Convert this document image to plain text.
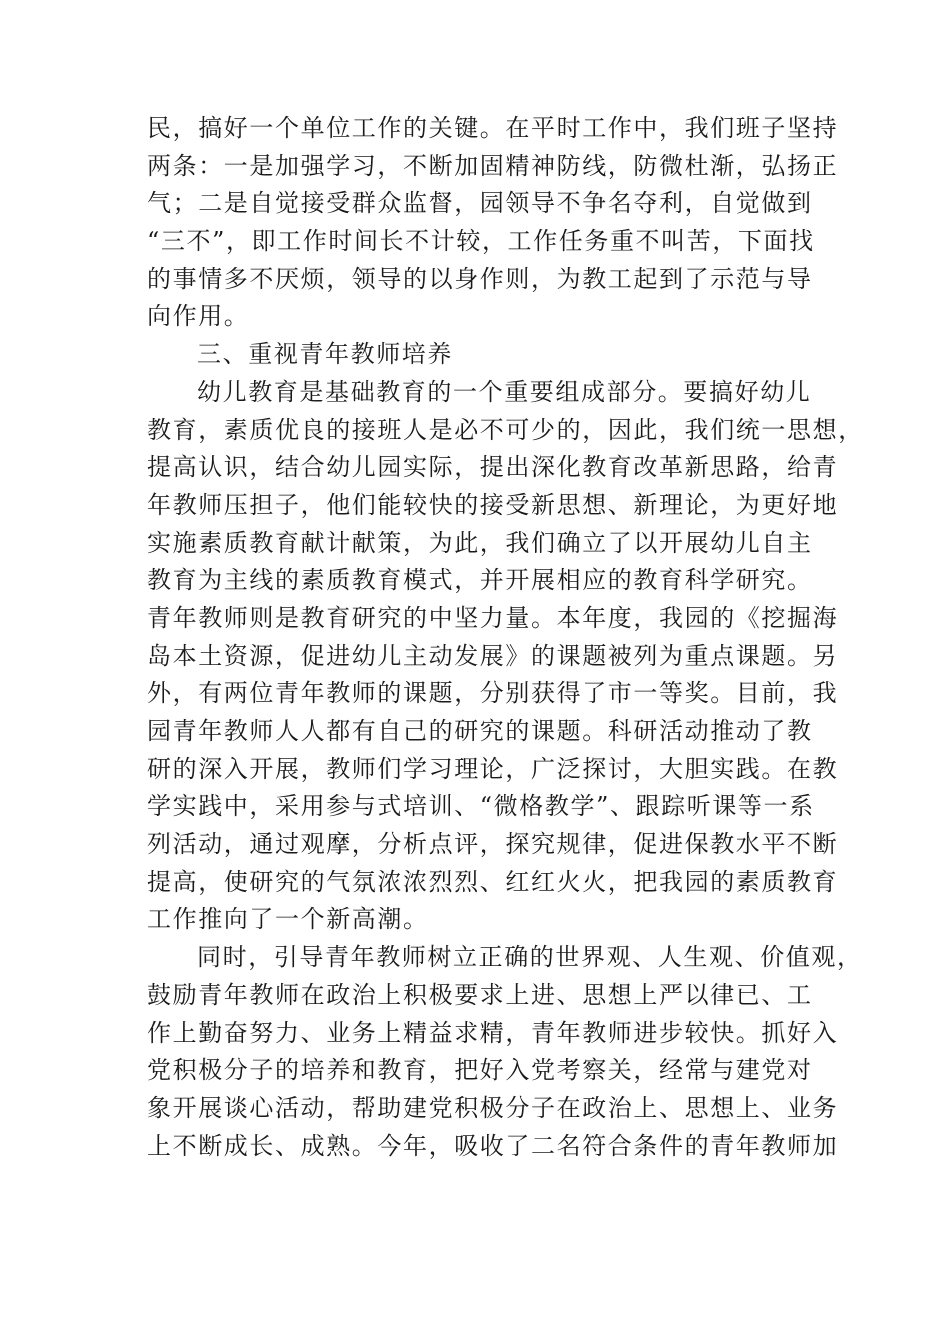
民，搞好一个单位工作的关键。在平时工作中，我们班子坚持
两条：一是加强学习，不断加固精神防线，防微杜渐，弘扬正
气；二是自觉接受群众监督，园领导不争名夺利，自觉做到
“三不”，即工作时间长不计较，工作任务重不叫苦，下面找
的事情多不厌烦，领导的以身作则，为教工起到了示范与导
向作用。
三、重视青年教师培养
幼儿教育是基础教育的一个重要组成部分。要搞好幼儿
教育，素质优良的接班人是必不可少的，因此，我们统一思想，
提高认识，结合幼儿园实际，提出深化教育改革新思路，给青
年教师压担子，他们能较快的接受新思想、新理论，为更好地
实施素质教育献计献策，为此，我们确立了以开展幼儿自主
教育为主线的素质教育模式，并开展相应的教育科学研究。
青年教师则是教育研究的中坚力量。本年度，我园的《挖掘海
岛本土资源，促进幼儿主动发展》的课题被列为重点课题。另
外，有两位青年教师的课题，分别获得了市一等奖。目前，我
园青年教师人人都有自己的研究的课题。科研活动推动了教
研的深入开展，教师们学习理论，广泛探讨，大胆实践。在教
学实践中，采用参与式培训、“微格教学”、跟踪听课等一系
列活动，通过观摩，分析点评，探究规律，促进保教水平不断
提高，使研究的气氛浓浓烈烈、红红火火，把我园的素质教育
工作推向了一个新高潮。
同时，引导青年教师树立正确的世界观、人生观、价值观，
鼓励青年教师在政治上积极要求上进、思想上严以律已、工
作上勤奋努力、业务上精益求精，青年教师进步较快。抓好入
党积极分子的培养和教育，把好入党考察关，经常与建党对
象开展谈心活动，帮助建党积极分子在政治上、思想上、业务
上不断成长、成熟。今年，吸收了二名符合条件的青年教师加
